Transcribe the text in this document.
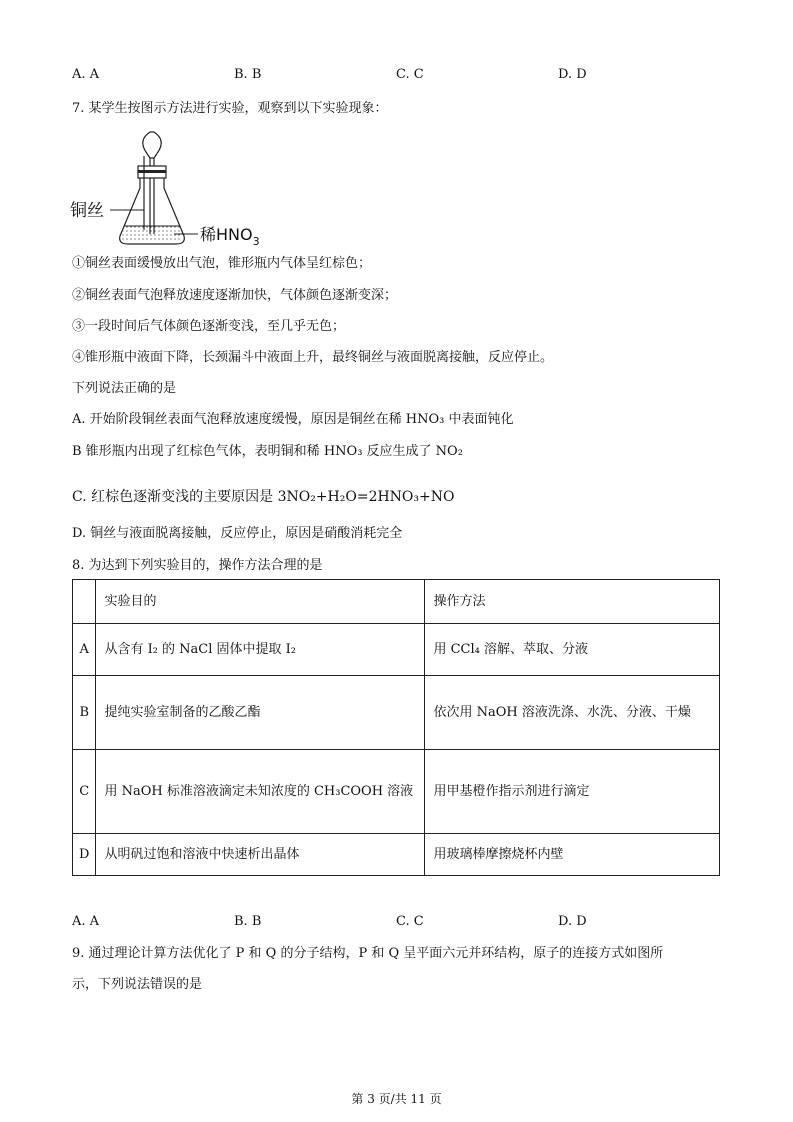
A. A	B. B	C. C	D. D
7. 某学生按图示方法进行实验，观察到以下实验现象：
铜丝
稀$HNO_3$
①铜丝表面缓慢放出气泡，锥形瓶内气体呈红棕色；
②铜丝表面气泡释放速度逐渐加快，气体颜色逐渐变深；
③一段时间后气体颜色逐渐变浅，至几乎无色；
④锥形瓶中液面下降，长颈漏斗中液面上升，最终铜丝与液面脱离接触，反应停止。
下列说法正确的是
A. 开始阶段铜丝表面气泡释放速度缓慢，原因是铜丝在稀 HNO₃ 中表面钝化
B 锥形瓶内出现了红棕色气体，表明铜和稀 HNO₃ 反应生成了 NO₂
C. 红棕色逐渐变浅的主要原因是 3NO₂+H₂O=2HNO₃+NO
D. 铜丝与液面脱离接触，反应停止，原因是硝酸消耗完全
8. 为达到下列实验目的，操作方法合理的是
	实验目的	操作方法
A	从含有 I₂ 的 NaCl 固体中提取 I₂	用 CCl₄ 溶解、萃取、分液
B	提纯实验室制备的乙酸乙酯	依次用 NaOH 溶液洗涤、水洗、分液、干燥
C	用 NaOH 标准溶液滴定未知浓度的 CH₃COOH 溶液	用甲基橙作指示剂进行滴定
D	从明矾过饱和溶液中快速析出晶体	用玻璃棒摩擦烧杯内壁
A. A	B. B	C. C	D. D
9. 通过理论计算方法优化了 P 和 Q 的分子结构，P 和 Q 呈平面六元并环结构，原子的连接方式如图所
示，下列说法错误的是
第 3 页/共 11 页
